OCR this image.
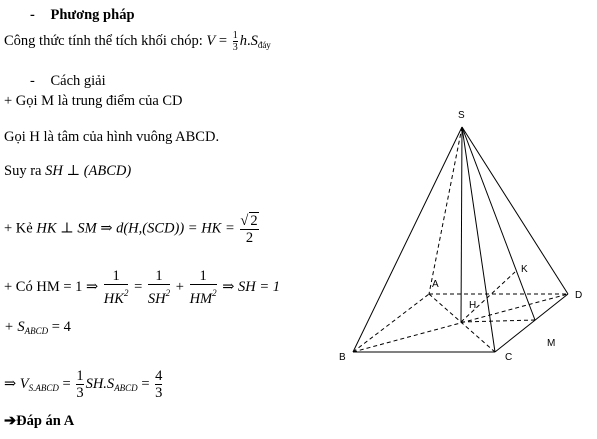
- Phương pháp
Công thức tính thể tích khối chóp: $V = \frac{1}{3} h.S_{đáy}$
- Cách giải
+ Gọi M là trung điểm của CD
Gọi H là tâm của hình vuông ABCD.
Suy ra SH ⊥ (ABCD)
+ Kẻ HK ⊥ SM ⇒ d(H,(SCD)) = HK = $\frac{√ 2}{2}$
+ Có HM = 1 ⇒ $\frac{1}{HK^2} = \frac{1}{SH^2} + \frac{1}{HM^2}$ ⇒ SH = 1
+ $S_{ABCD} = 4$
⇒ $V_{S.ABCD} = \frac{1}{3} SH.S_{ABCD} = \frac{4}{3}$
➔Đáp án A
S
A
B	C
D
H
K
M
